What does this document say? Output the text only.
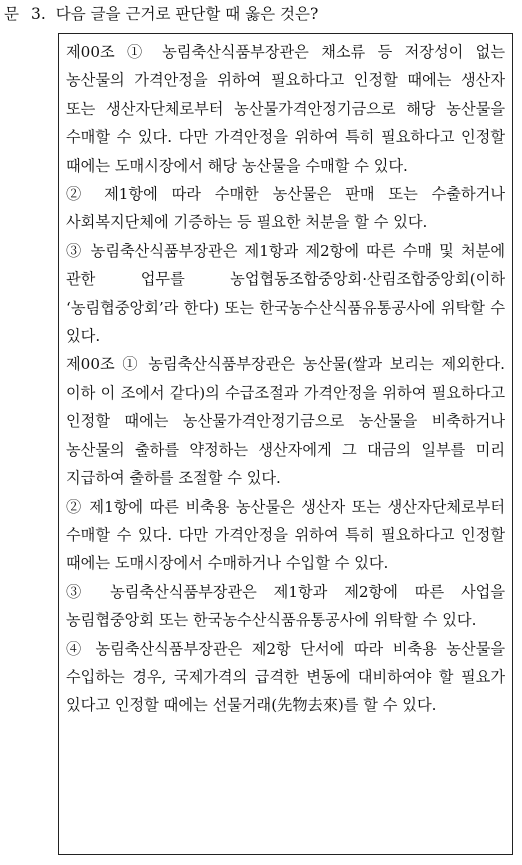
문 3. 다음 글을 근거로 판단할 때 옳은 것은?

제00조 ① 농림축산식품부장관은 채소류 등 저장성이 없는 농산물의 가격안정을 위하여 필요하다고 인정할 때에는 생산자 또는 생산자단체로부터 농산물가격안정기금으로 해당 농산물을 수매할 수 있다. 다만 가격안정을 위하여 특히 필요하다고 인정할 때에는 도매시장에서 해당 농산물을 수매할 수 있다.

② 제1항에 따라 수매한 농산물은 판매 또는 수출하거나 사회복지단체에 기증하는 등 필요한 처분을 할 수 있다.

③ 농림축산식품부장관은 제1항과 제2항에 따른 수매 및 처분에 관한 업무를 농업협동조합중앙회·산림조합중앙회(이하 ‘농림협중앙회’라 한다) 또는 한국농수산식품유통공사에 위탁할 수 있다.

제00조 ① 농림축산식품부장관은 농산물(쌀과 보리는 제외한다. 이하 이 조에서 같다)의 수급조절과 가격안정을 위하여 필요하다고 인정할 때에는 농산물가격안정기금으로 농산물을 비축하거나 농산물의 출하를 약정하는 생산자에게 그 대금의 일부를 미리 지급하여 출하를 조절할 수 있다.

② 제1항에 따른 비축용 농산물은 생산자 또는 생산자단체로부터 수매할 수 있다. 다만 가격안정을 위하여 특히 필요하다고 인정할 때에는 도매시장에서 수매하거나 수입할 수 있다.

③ 농림축산식품부장관은 제1항과 제2항에 따른 사업을 농림협중앙회 또는 한국농수산식품유통공사에 위탁할 수 있다.

④ 농림축산식품부장관은 제2항 단서에 따라 비축용 농산물을 수입하는 경우, 국제가격의 급격한 변동에 대비하여야 할 필요가 있다고 인정할 때에는 선물거래(先物去來)를 할 수 있다.
